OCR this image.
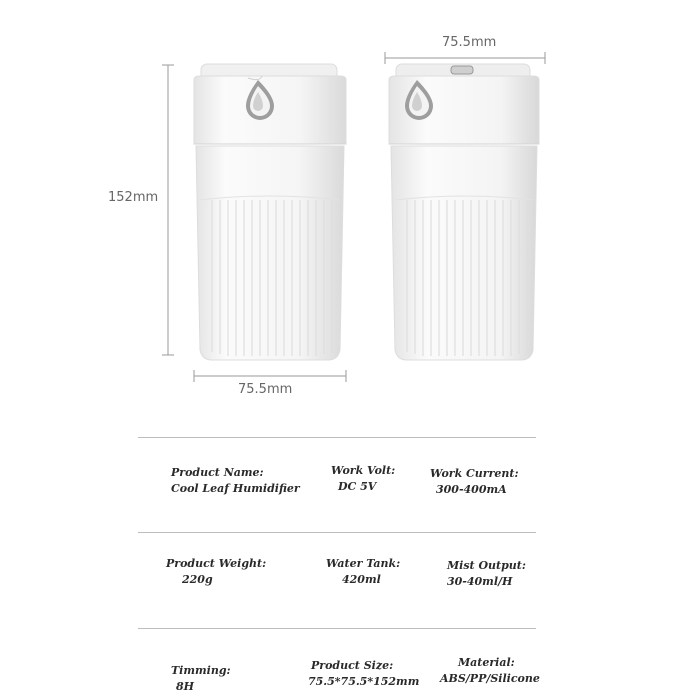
75.5mm
152mm
75.5mm
Product Name:
Cool Leaf Humidifier
Work Volt:
DC 5V
Work Current:
300-400mA
Product Weight:
220g
Water Tank:
420ml
Mist Output:
30-40ml/H
Timming:
8H
Product Size:
75.5*75.5*152mm
Material:
ABS/PP/Silicone
